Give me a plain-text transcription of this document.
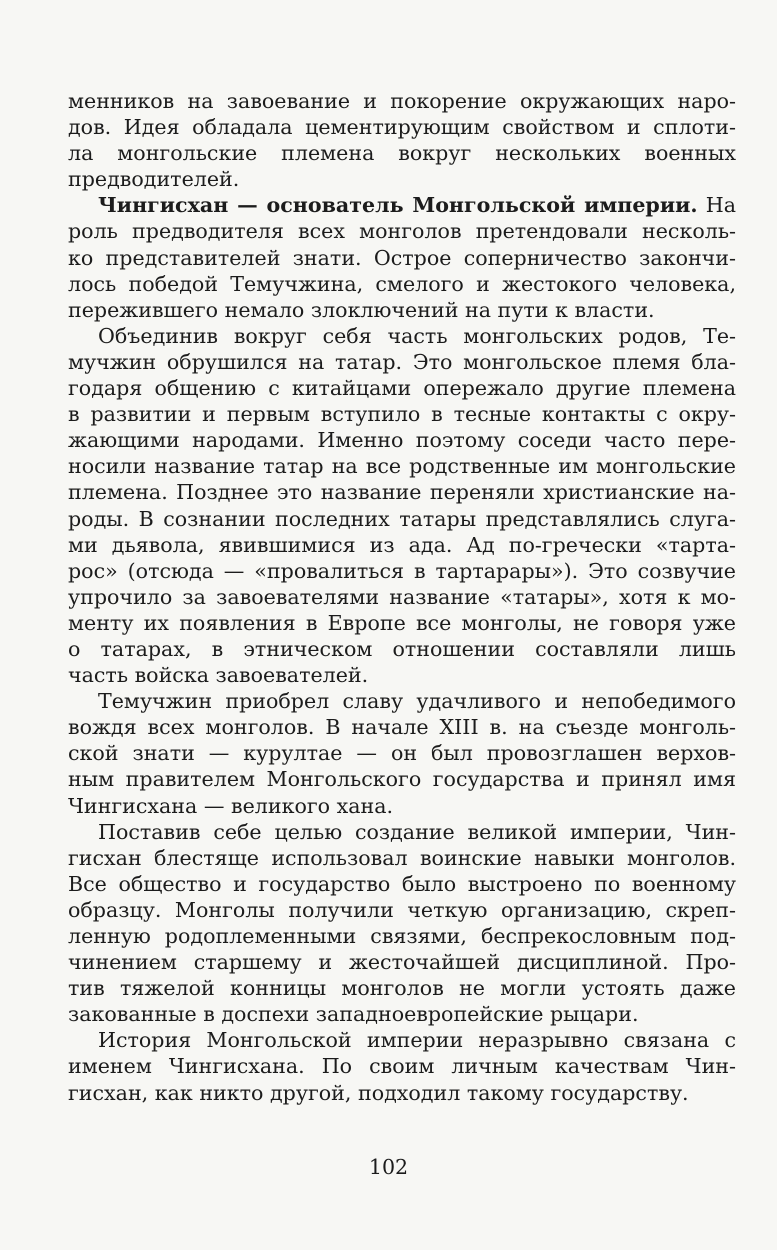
менников на завоевание и покорение окружающих наро-
дов. Идея обладала цементирующим свойством и сплоти-
ла монгольские племена вокруг нескольких военных
предводителей.
Чингисхан — основатель Монгольской империи. На
роль предводителя всех монголов претендовали несколь-
ко представителей знати. Острое соперничество закончи-
лось победой Темучжина, смелого и жестокого человека,
пережившего немало злоключений на пути к власти.
Объединив вокруг себя часть монгольских родов, Те-
мучжин обрушился на татар. Это монгольское племя бла-
годаря общению с китайцами опережало другие племена
в развитии и первым вступило в тесные контакты с окру-
жающими народами. Именно поэтому соседи часто пере-
носили название татар на все родственные им монгольские
племена. Позднее это название переняли христианские на-
роды. В сознании последних татары представлялись слуга-
ми дьявола, явившимися из ада. Ад по-гречески «тарта-
рос» (отсюда — «провалиться в тартарары»). Это созвучие
упрочило за завоевателями название «татары», хотя к мо-
менту их появления в Европе все монголы, не говоря уже
о татарах, в этническом отношении составляли лишь
часть войска завоевателей.
Темучжин приобрел славу удачливого и непобедимого
вождя всех монголов. В начале XIII в. на съезде монголь-
ской знати — курултае — он был провозглашен верхов-
ным правителем Монгольского государства и принял имя
Чингисхана — великого хана.
Поставив себе целью создание великой империи, Чин-
гисхан блестяще использовал воинские навыки монголов.
Все общество и государство было выстроено по военному
образцу. Монголы получили четкую организацию, скреп-
ленную родоплеменными связями, беспрекословным под-
чинением старшему и жесточайшей дисциплиной. Про-
тив тяжелой конницы монголов не могли устоять даже
закованные в доспехи западноевропейские рыцари.
История Монгольской империи неразрывно связана с
именем Чингисхана. По своим личным качествам Чин-
гисхан, как никто другой, подходил такому государству.
102
